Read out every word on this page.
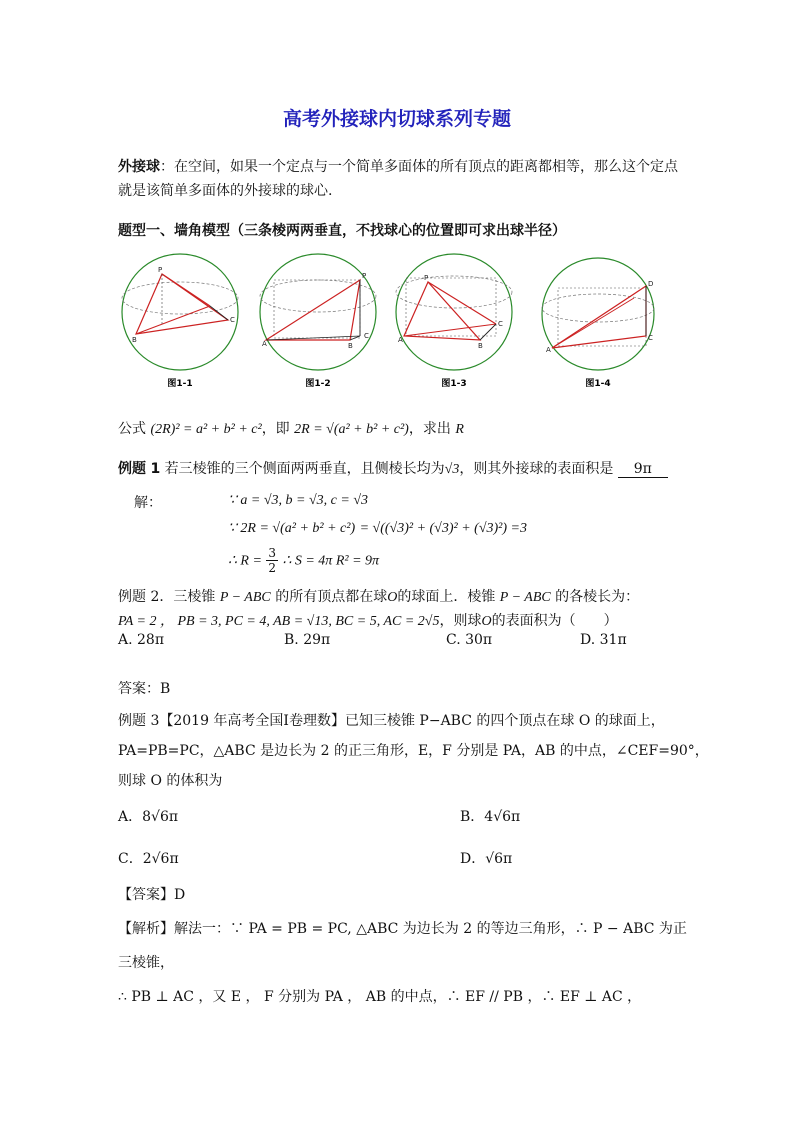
高考外接球内切球系列专题
外接球：在空间，如果一个定点与一个简单多面体的所有顶点的距离都相等，那么这个定点
就是该简单多面体的外接球的球心.
题型一、墙角模型（三条棱两两垂直，不找球心的位置即可求出球半径）
P
C
B
图1-1
P
A	B
C
图1-2
P
A
B
C
图1-3
D
A
C
图1-4
公式 (2R)² = a² + b² + c²，即 2R = √(a² + b² + c²)，求出 R
例题 1 若三棱锥的三个侧面两两垂直，且侧棱长均为√3，则其外接球的表面积是 9π
解：	∵ a = √3, b = √3, c = √3
∵ 2R = √(a² + b² + c²) = √((√3)² + (√3)² + (√3)²) =3
∴ $R = \frac{3}{2}$ ∴ S = 4π R² = 9π
例题 2．三棱锥 P − ABC 的所有顶点都在球O的球面上．棱锥 P − ABC 的各棱长为：
PA = 2 ， PB = 3, PC = 4, AB = √13, BC = 5, AC = 2√5，则球O的表面积为（　　）
A. 28π	B. 29π	C. 30π	D. 31π
答案：B
例题 3【2019 年高考全国Ⅰ卷理数】已知三棱锥 P−ABC 的四个顶点在球 O 的球面上，
PA=PB=PC，△ABC 是边长为 2 的正三角形，E，F 分别是 PA，AB 的中点，∠CEF=90°，
则球 O 的体积为
A．8√6π	B．4√6π
C．2√6π	D．√6π
【答案】D
【解析】解法一：∵ PA = PB = PC, △ABC 为边长为 2 的等边三角形，∴ P − ABC 为正
三棱锥，
∴ PB ⊥ AC ，又 E ， F 分别为 PA ， AB 的中点，∴ EF // PB ，∴ EF ⊥ AC ，
